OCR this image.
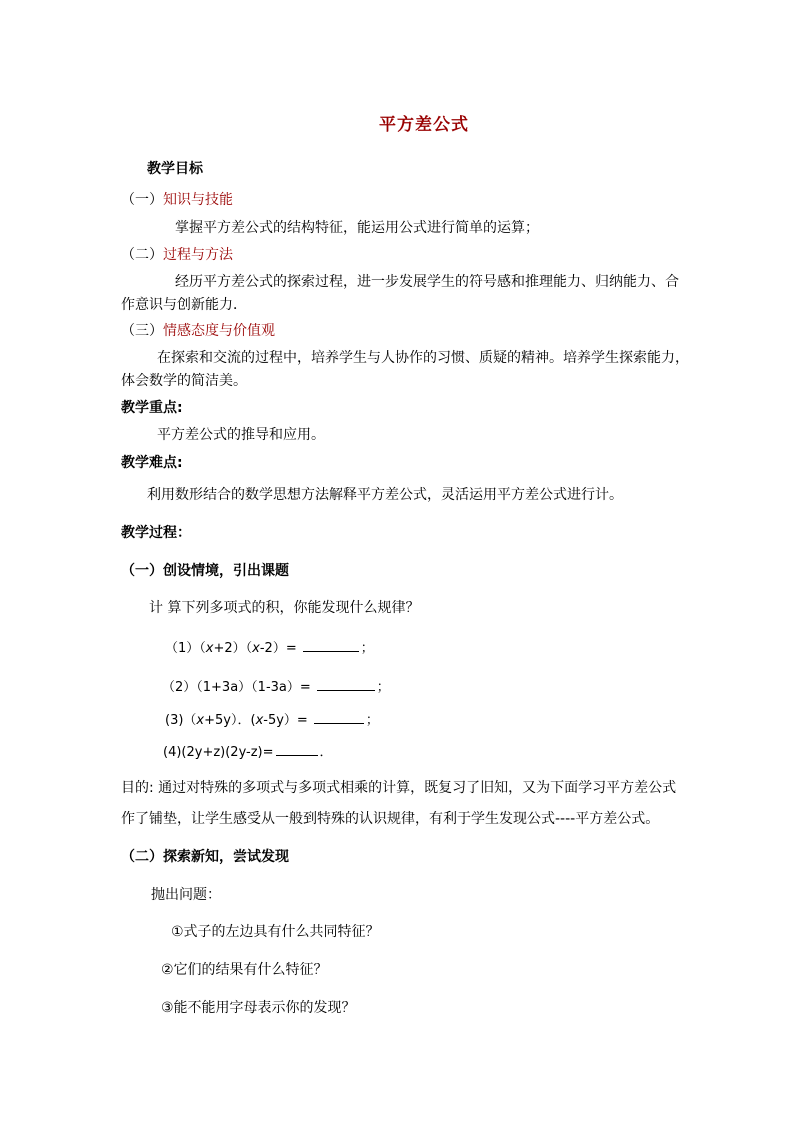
平方差公式
教学目标
（一）知识与技能
掌握平方差公式的结构特征，能运用公式进行简单的运算；
（二）过程与方法
经历平方差公式的探索过程，进一步发展学生的符号感和推理能力、归纳能力、合
作意识与创新能力．
（三）情感态度与价值观
在探索和交流的过程中，培养学生与人协作的习惯、质疑的精神。培养学生探索能力，
体会数学的简洁美。
教学重点:
平方差公式的推导和应用。
教学难点:
利用数形结合的数学思想方法解释平方差公式，灵活运用平方差公式进行计。
教学过程：
（一）创设情境，引出课题
计 算下列多项式的积，你能发现什么规律？
（1）（x+2）（x-2）=	；
（2）（1+3a）（1-3a）=	；
(3)（x+5y）．(x-5y）=	；
(4)(2y+z)(2y-z)=	．
目的: 通过对特殊的多项式与多项式相乘的计算，既复习了旧知，又为下面学习平方差公式
作了铺垫，让学生感受从一般到特殊的认识规律，有利于学生发现公式----平方差公式。
（二）探索新知，尝试发现
抛出问题：
①式子的左边具有什么共同特征？
②它们的结果有什么特征？
③能不能用字母表示你的发现？
